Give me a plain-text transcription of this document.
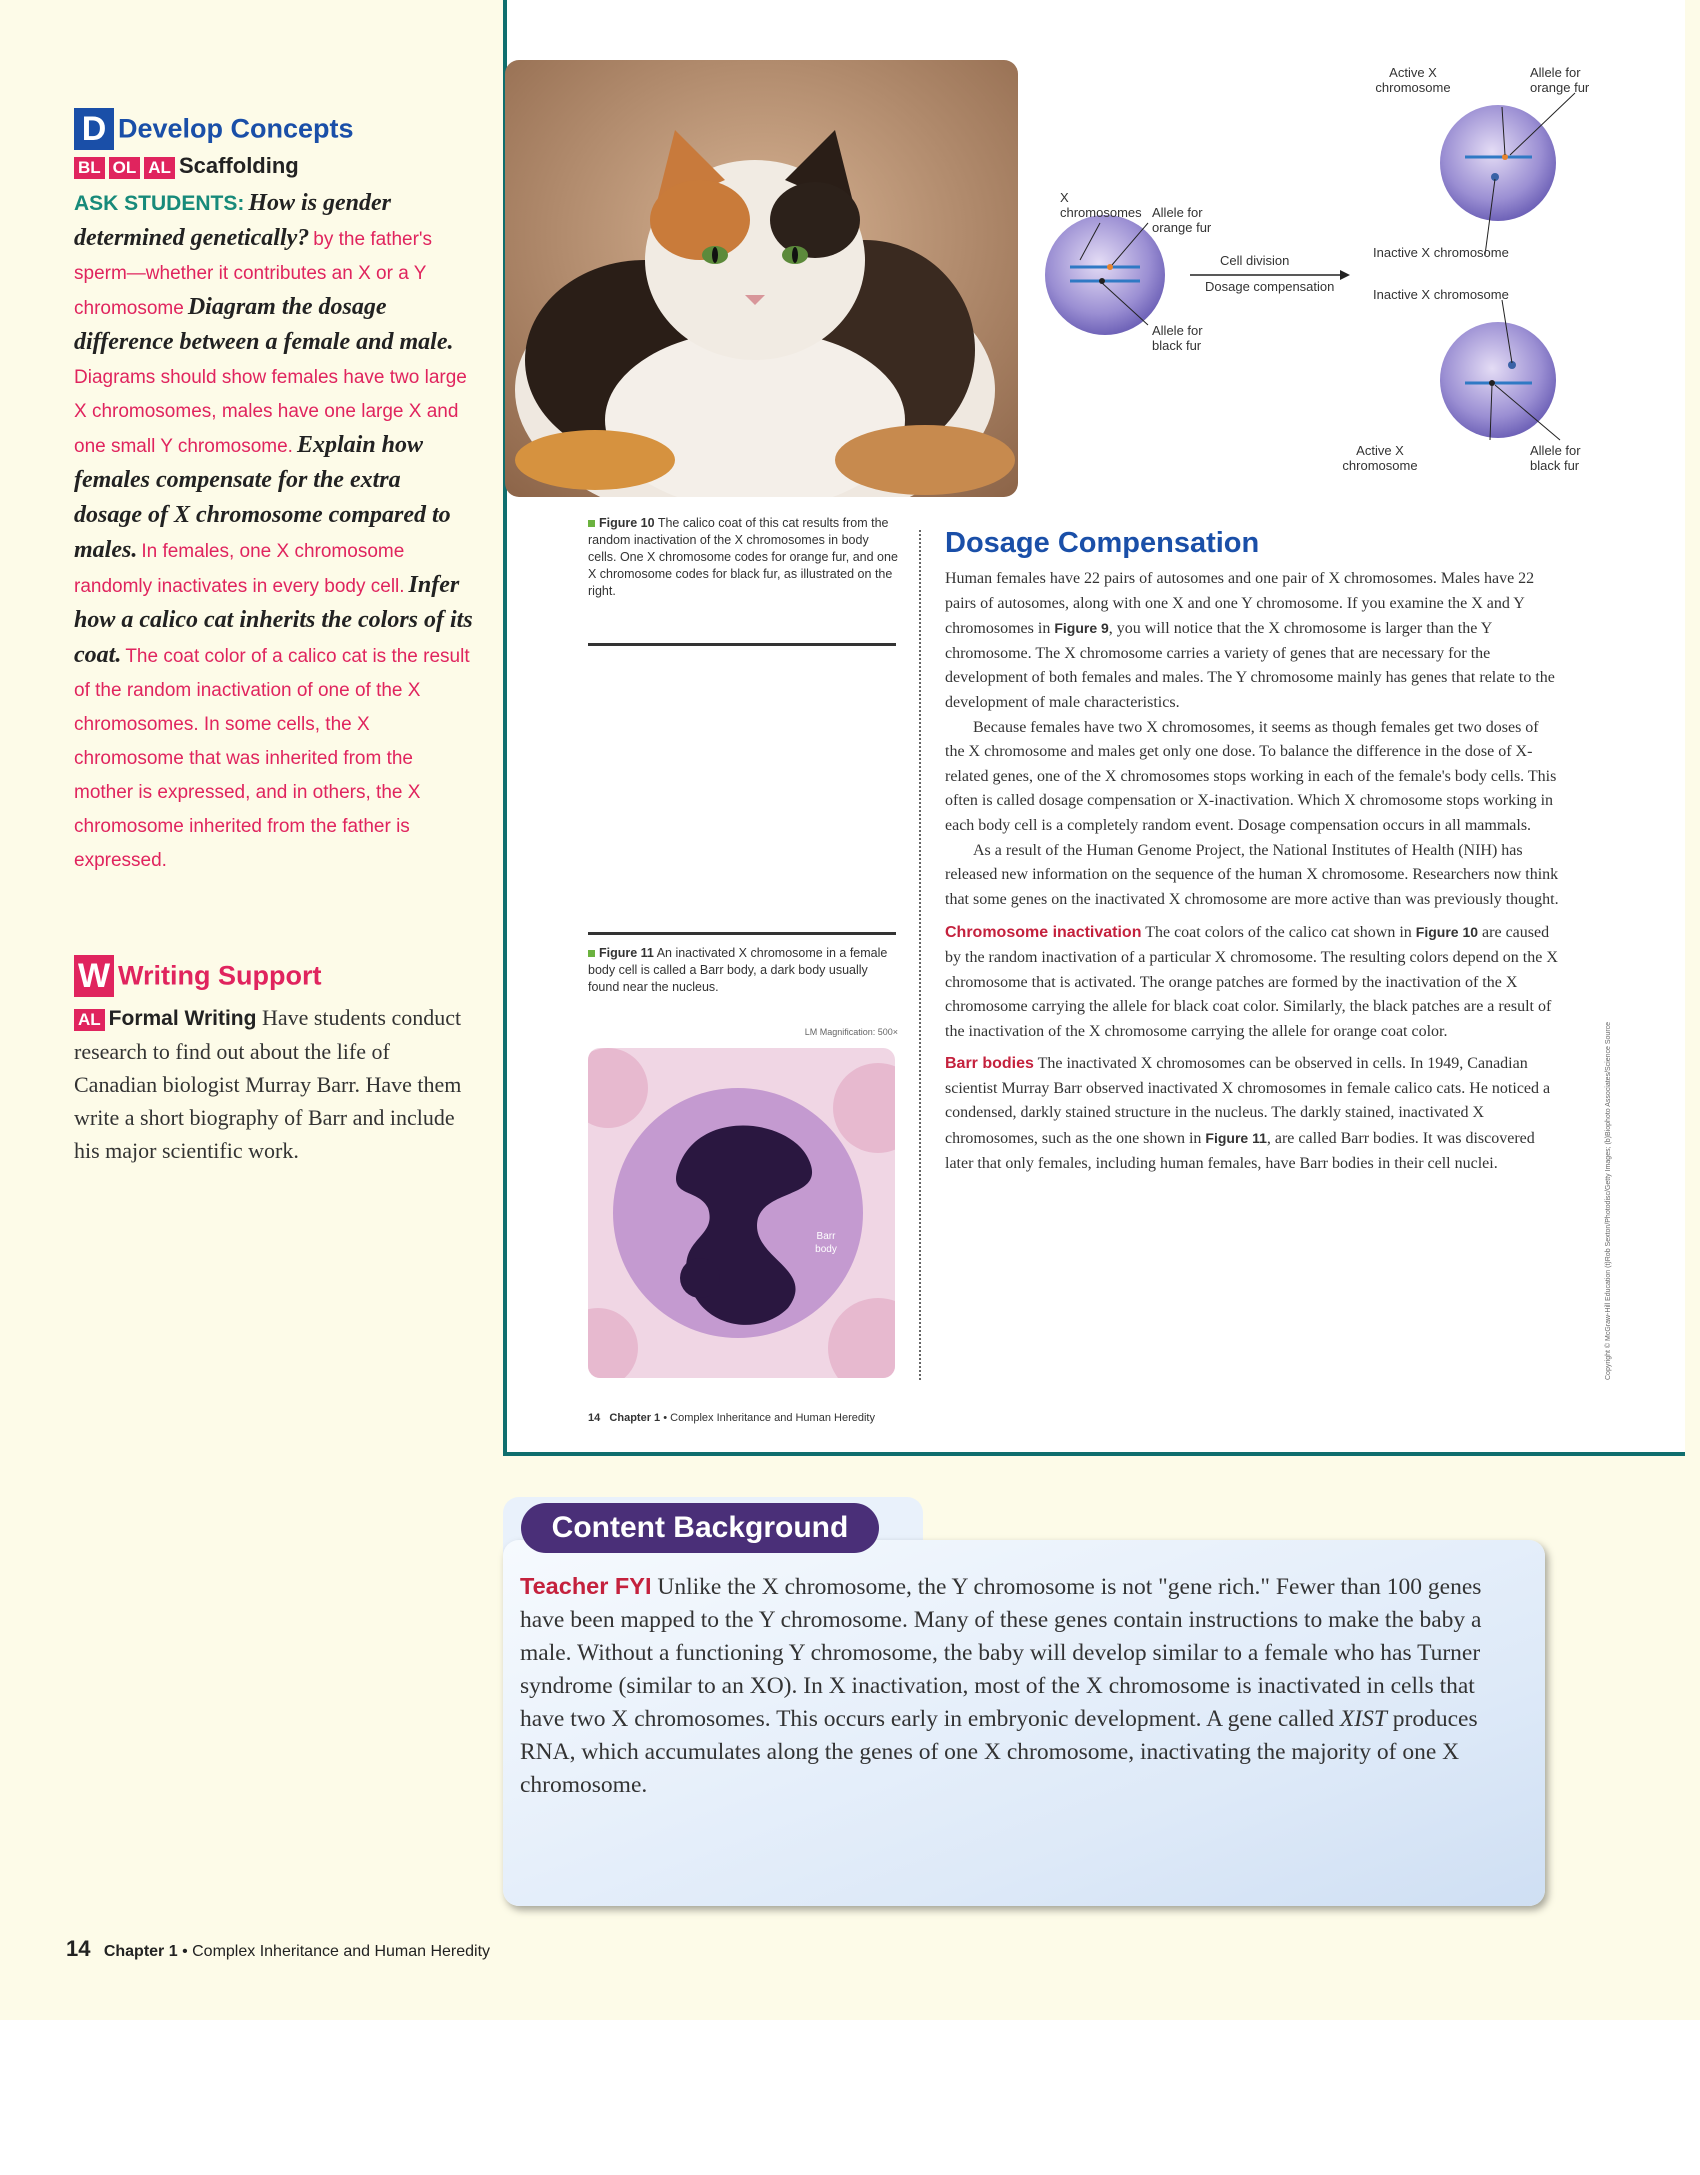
D Develop Concepts
BL OL AL Scaffolding
ASK STUDENTS: How is gender determined genetically? by the father's sperm—whether it contributes an X or a Y chromosome Diagram the dosage difference between a female and male. Diagrams should show females have two large X chromosomes, males have one large X and one small Y chromosome. Explain how females compensate for the extra dosage of X chromosome compared to males. In females, one X chromosome randomly inactivates in every body cell. Infer how a calico cat inherits the colors of its coat. The coat color of a calico cat is the result of the random inactivation of one of the X chromosomes. In some cells, the X chromosome that was inherited from the mother is expressed, and in others, the X chromosome inherited from the father is expressed.
W Writing Support
AL Formal Writing Have students conduct research to find out about the life of Canadian biologist Murray Barr. Have them write a short biography of Barr and include his major scientific work.
X chromosomes Allele for orange fur
Allele for black fur
Cell division
Dosage compensation
Active X chromosome
Allele for orange fur
Inactive X chromosome
Inactive X chromosome
Active X chromosome
Allele for black fur
Figure 10 The calico coat of this cat results from the random inactivation of the X chromosomes in body cells. One X chromosome codes for orange fur, and one X chromosome codes for black fur, as illustrated on the right.
Figure 11 An inactivated X chromosome in a female body cell is called a Barr body, a dark body usually found near the nucleus.
LM Magnification: 500×
Barr body
Dosage Compensation
Human females have 22 pairs of autosomes and one pair of X chromosomes. Males have 22 pairs of autosomes, along with one X and one Y chromosome. If you examine the X and Y chromosomes in Figure 9, you will notice that the X chromosome is larger than the Y chromosome. The X chromosome carries a variety of genes that are necessary for the development of both females and males. The Y chromosome mainly has genes that relate to the development of male characteristics.
Because females have two X chromosomes, it seems as though females get two doses of the X chromosome and males get only one dose. To balance the difference in the dose of X-related genes, one of the X chromosomes stops working in each of the female's body cells. This often is called dosage compensation or X-inactivation. Which X chromosome stops working in each body cell is a completely random event. Dosage compensation occurs in all mammals.
As a result of the Human Genome Project, the National Institutes of Health (NIH) has released new information on the sequence of the human X chromosome. Researchers now think that some genes on the inactivated X chromosome are more active than was previously thought.
Chromosome inactivation The coat colors of the calico cat shown in Figure 10 are caused by the random inactivation of a particular X chromosome. The resulting colors depend on the X chromosome that is activated. The orange patches are formed by the inactivation of the X chromosome carrying the allele for black coat color. Similarly, the black patches are a result of the inactivation of the X chromosome carrying the allele for orange coat color.
Barr bodies The inactivated X chromosomes can be observed in cells. In 1949, Canadian scientist Murray Barr observed inactivated X chromosomes in female calico cats. He noticed a condensed, darkly stained structure in the nucleus. The darkly stained, inactivated X chromosomes, such as the one shown in Figure 11, are called Barr bodies. It was discovered later that only females, including human females, have Barr bodies in their cell nuclei.	Copyright © McGraw-Hill Education (t)Rob Sexton/Photodisc/Getty Images; (b)Biophoto Associates/Science Source
14 Chapter 1 • Complex Inheritance and Human Heredity
Teacher FYI Unlike the X chromosome, the Y chromosome is not "gene rich." Fewer than 100 genes have been mapped to the Y chromosome. Many of these genes contain instructions to make the baby a male. Without a functioning Y chromosome, the baby will develop similar to a female who has Turner syndrome (similar to an XO). In X inactivation, most of the X chromosome is inactivated in cells that have two X chromosomes. This occurs early in embryonic development. A gene called XIST produces RNA, which accumulates along the genes of one X chromosome, inactivating the majority of one X chromosome.
Content Background
14 Chapter 1 • Complex Inheritance and Human Heredity
